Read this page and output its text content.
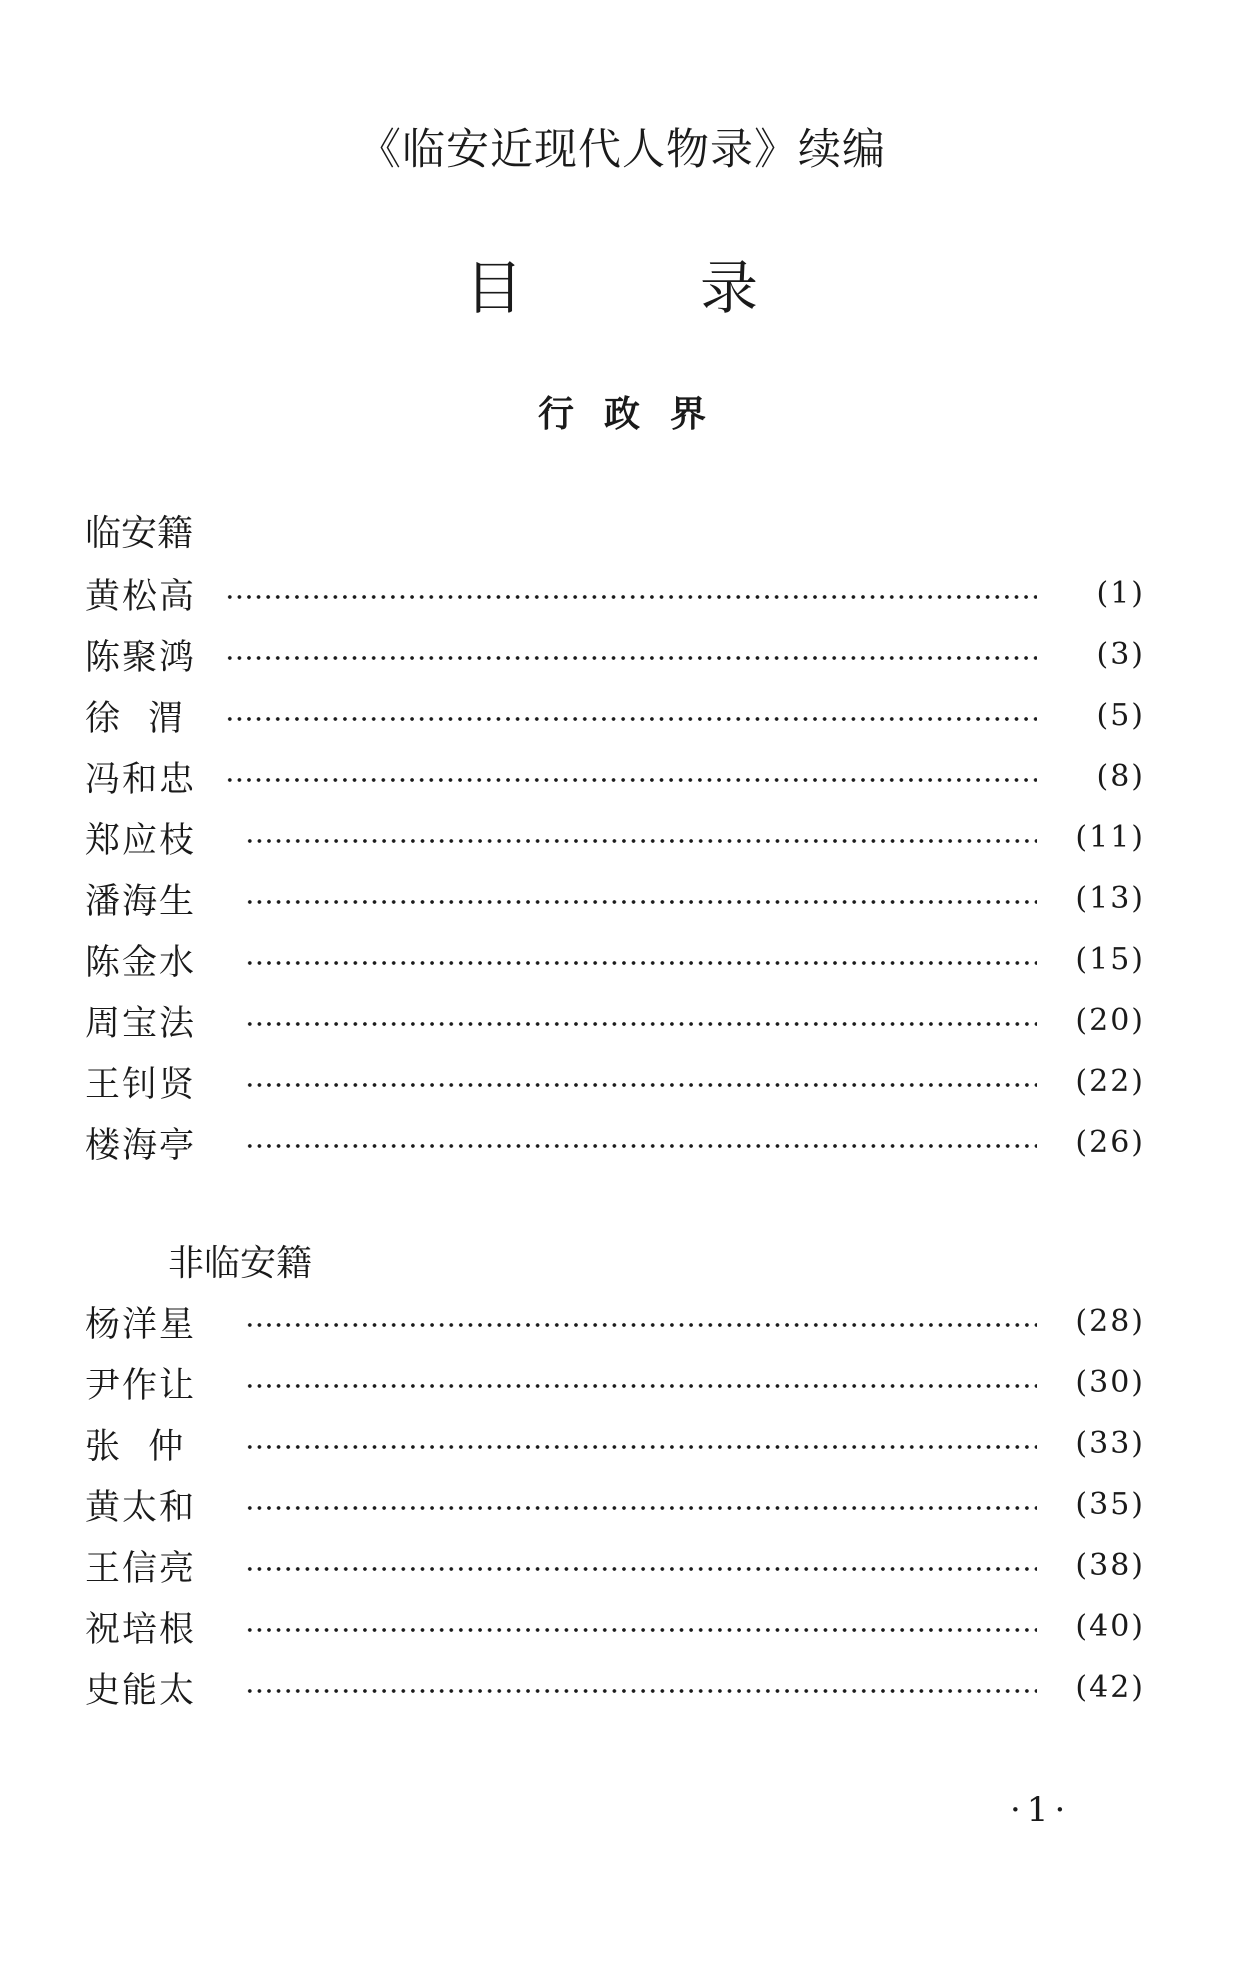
《临安近现代人物录》续编
目	录
行政界
临安籍
黄松高	(1)
陈聚鸿	(3)
徐  渭	(5)
冯和忠	(8)
郑应枝	(11)
潘海生	(13)
陈金水	(15)
周宝法	(20)
王钊贤	(22)
楼海亭	(26)
非临安籍
杨洋星	(28)
尹作让	(30)
张  仲	(33)
黄太和	(35)
王信亮	(38)
祝培根	(40)
史能太	(42)
·1·
